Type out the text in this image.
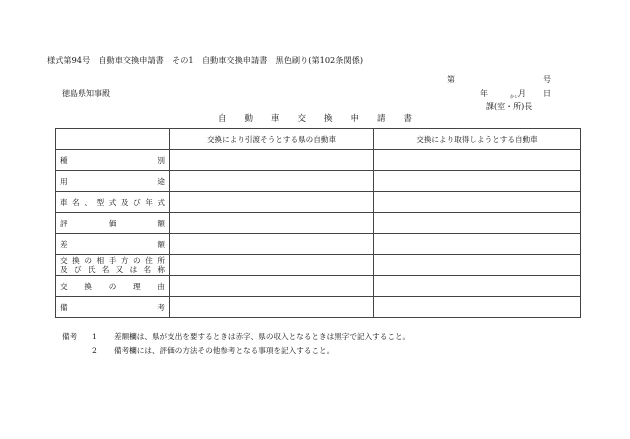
様式第94号　自動車交換申請書　その1　自動車交換申請書　黒色刷り(第102条関係)
第	号
徳島県知事殿	年	月 日
かい
課(室・所)長
自動車交換申請書
	交換により引渡そうとする県の自動車	交換により取得しようとする自動車
種別		
用途		
車名、型式及び年式		
評価額		
差額		

交換の相手方の住所
及び氏名又は名称		

交換の理由		
備考		
備考 1 差額欄は、県が支出を要するときは赤字、県の収入となるときは黒字で記入すること。
2 備考欄には、評価の方法その他参考となる事項を記入すること。
